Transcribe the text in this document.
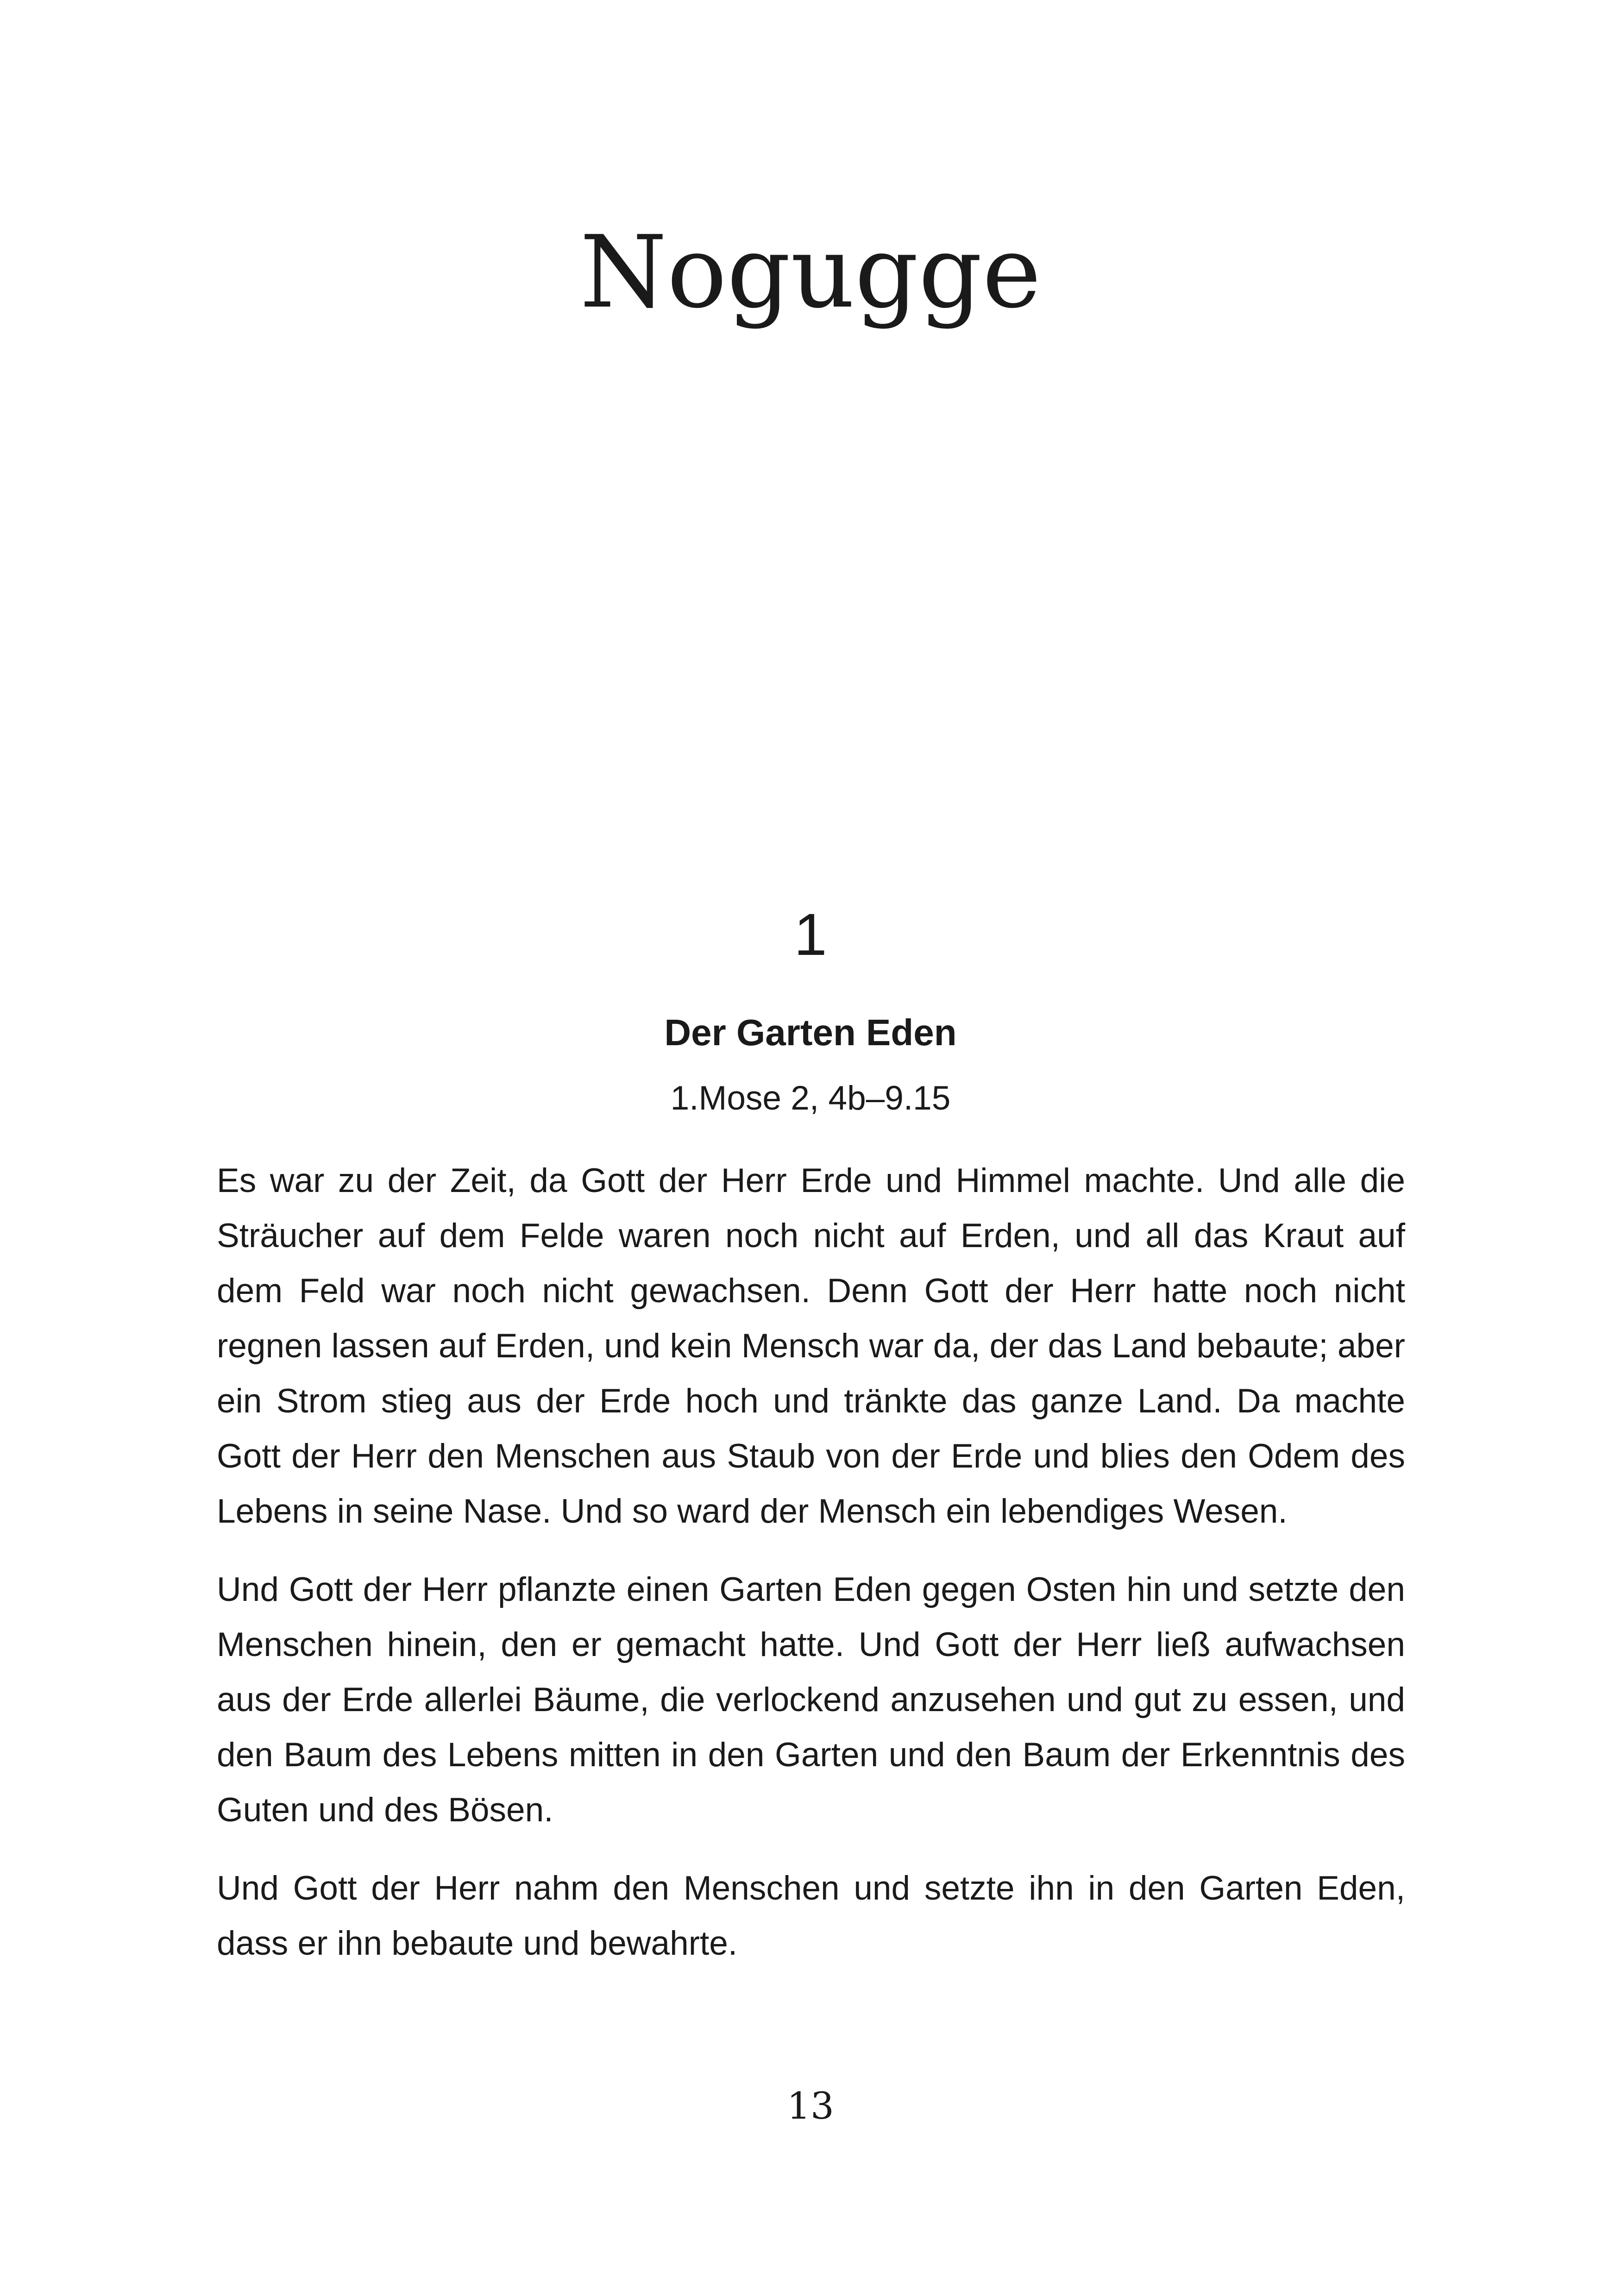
Nogugge
1
Der Garten Eden
1.Mose 2, 4b–9.15

Es war zu der Zeit, da Gott der Herr Erde und Himmel machte. Und alle die Sträucher auf dem Felde waren noch nicht auf Erden, und all das Kraut auf dem Feld war noch nicht gewachsen. Denn Gott der Herr hatte noch nicht regnen lassen auf Erden, und kein Mensch war da, der das Land bebaute; aber ein Strom stieg aus der Erde hoch und tränkte das ganze Land. Da machte Gott der Herr den Menschen aus Staub von der Erde und blies den Odem des Lebens in seine Nase. Und so ward der Mensch ein lebendiges Wesen.

Und Gott der Herr pflanzte einen Garten Eden gegen Osten hin und setzte den Menschen hinein, den er gemacht hatte. Und Gott der Herr ließ aufwachsen aus der Erde allerlei Bäume, die verlockend anzusehen und gut zu essen, und den Baum des Lebens mitten in den Garten und den Baum der Erkenntnis des Guten und des Bösen.

Und Gott der Herr nahm den Menschen und setzte ihn in den Garten Eden, dass er ihn bebaute und bewahrte.

13
